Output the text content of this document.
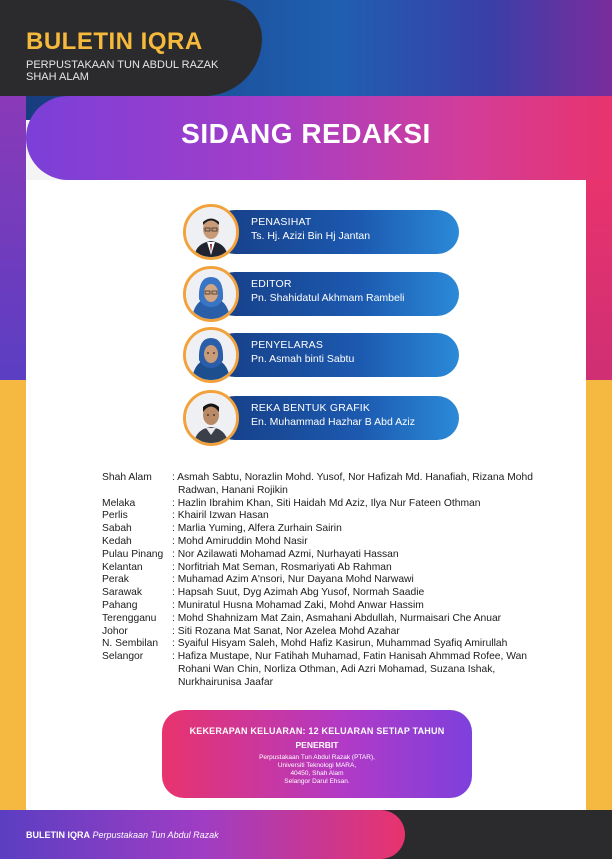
BULETIN IQRA
PERPUSTAKAAN TUN ABDUL RAZAK
SHAH ALAM
SIDANG REDAKSI
PENASIHAT
Ts. Hj. Azizi Bin Hj Jantan
EDITOR
Pn. Shahidatul Akhmam Rambeli
PENYELARAS
Pn. Asmah binti Sabtu
REKA BENTUK GRAFIK
En. Muhammad Hazhar B Abd Aziz
Shah Alam	: Asmah Sabtu, Norazlin Mohd. Yusof, Nor Hafizah Md. Hanafiah, Rizana Mohd Radwan, Hanani Rojikin
Melaka	: Hazlin Ibrahim Khan, Siti Haidah Md Aziz, Ilya Nur Fateen Othman
Perlis	: Khairil Izwan Hasan
Sabah	: Marlia Yuming, Alfera Zurhain Sairin
Kedah	: Mohd Amiruddin Mohd Nasir
Pulau Pinang	: Nor Azilawati Mohamad Azmi, Nurhayati Hassan
Kelantan	: Norfitriah Mat Seman, Rosmariyati Ab Rahman
Perak	: Muhamad Azim A'nsori, Nur Dayana Mohd Narwawi
Sarawak	: Hapsah Suut, Dyg Azimah Abg Yusof, Normah Saadie
Pahang	: Muniratul Husna Mohamad Zaki, Mohd Anwar Hassim
Terengganu	: Mohd Shahnizam Mat Zain, Asmahani Abdullah, Nurmaisari Che Anuar
Johor	: Siti Rozana Mat Sanat, Nor Azelea Mohd Azahar
N. Sembilan	: Syaiful Hisyam Saleh, Mohd Hafiz Kasirun, Muhammad Syafiq Amirullah
Selangor	: Hafiza Mustape, Nur Fatihah Muhamad, Fatin Hanisah Ahmmad Rofee, Wan Rohani Wan Chin, Norliza Othman, Adi Azri Mohamad, Suzana Ishak, Nurkhairunisa Jaafar
KEKERAPAN KELUARAN: 12 KELUARAN SETIAP TAHUN
PENERBIT
Perpustakaan Tun Abdul Razak (PTAR),
Universiti Teknologi MARA,
40450, Shah Alam
Selangor Darul Ehsan.
BULETIN IQRA Perpustakaan Tun Abdul Razak
